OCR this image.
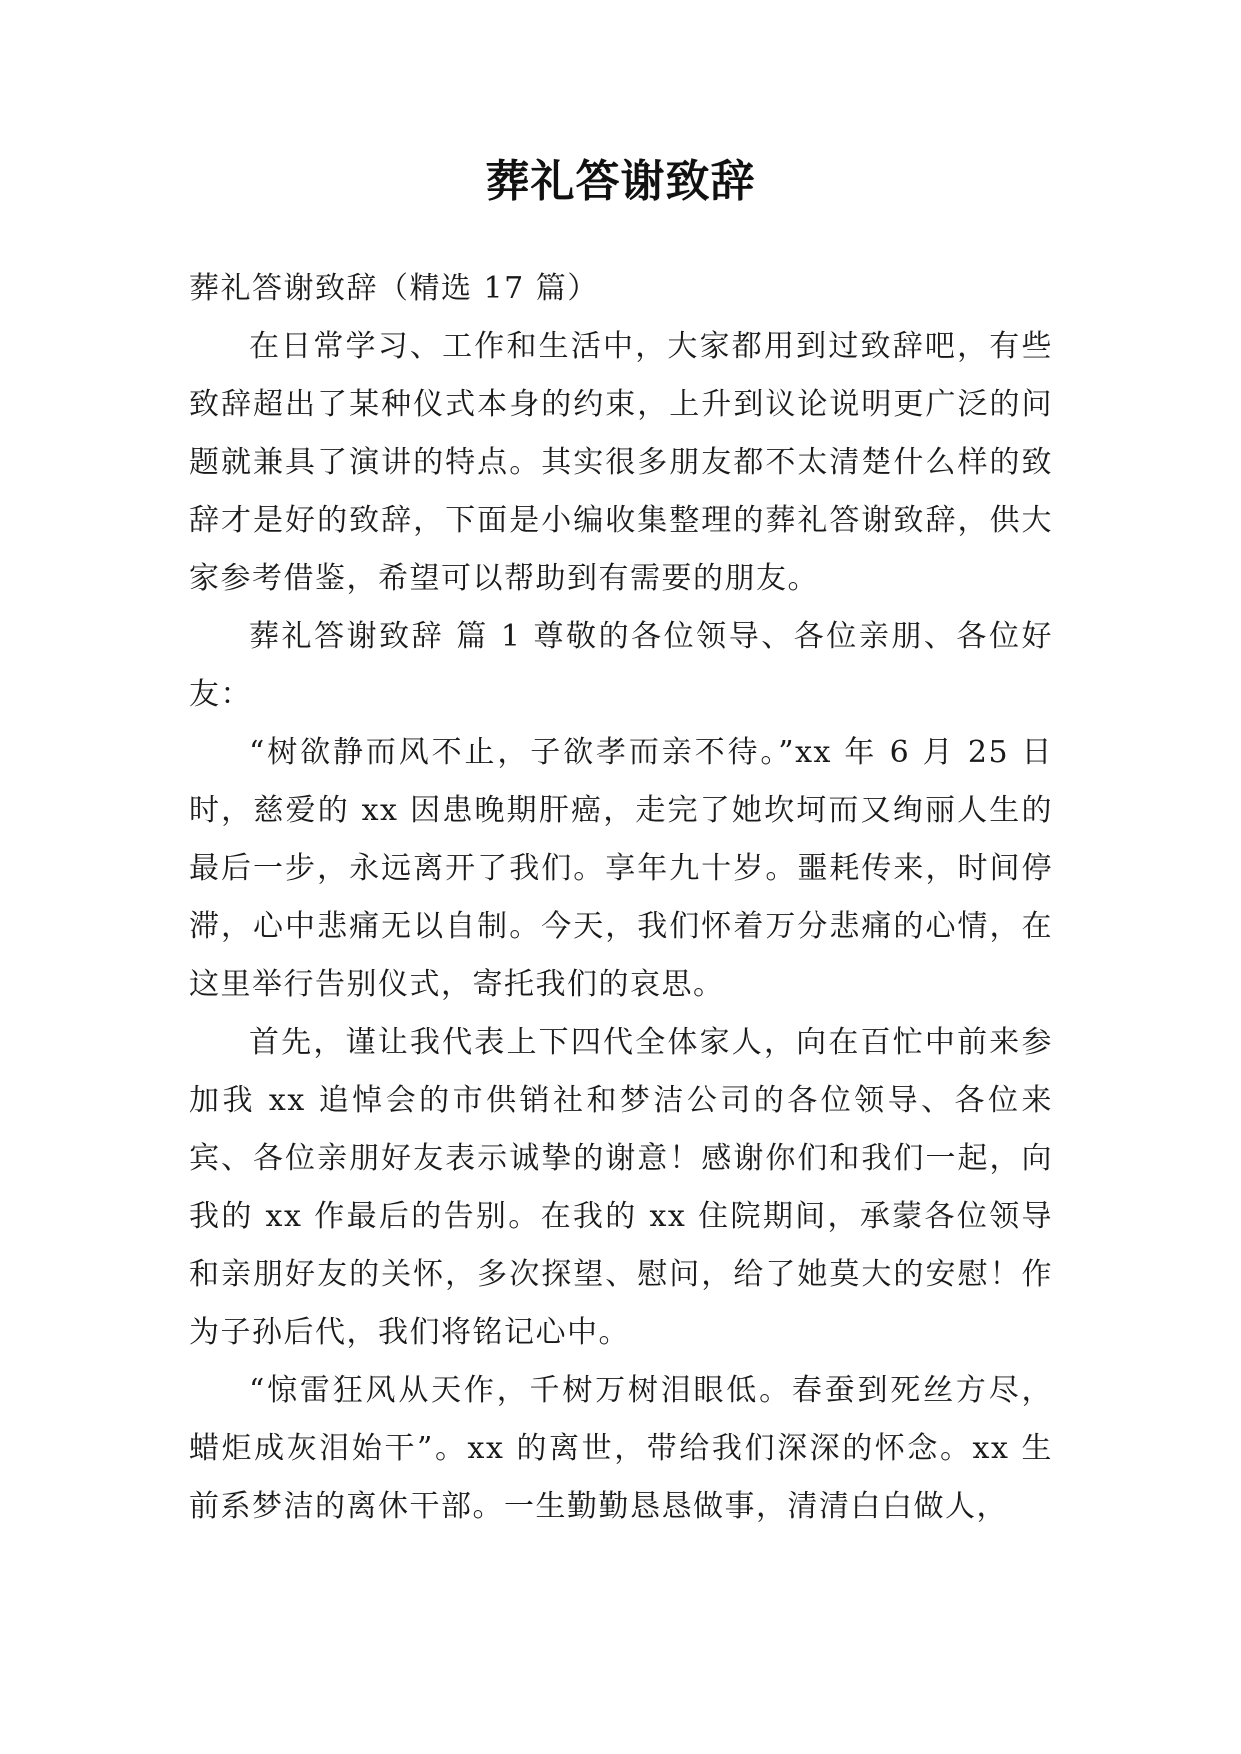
葬礼答谢致辞

葬礼答谢致辞（精选 17 篇）

在日常学习、工作和生活中，大家都用到过致辞吧，有些致辞超出了某种仪式本身的约束，上升到议论说明更广泛的问题就兼具了演讲的特点。其实很多朋友都不太清楚什么样的致辞才是好的致辞，下面是小编收集整理的葬礼答谢致辞，供大家参考借鉴，希望可以帮助到有需要的朋友。

葬礼答谢致辞 篇 1 尊敬的各位领导、各位亲朋、各位好友：

“树欲静而风不止，子欲孝而亲不待。”xx 年 6 月 25 日时，慈爱的 xx 因患晚期肝癌，走完了她坎坷而又绚丽人生的最后一步，永远离开了我们。享年九十岁。噩耗传来，时间停滞，心中悲痛无以自制。今天，我们怀着万分悲痛的心情，在这里举行告别仪式，寄托我们的哀思。

首先，谨让我代表上下四代全体家人，向在百忙中前来参加我 xx 追悼会的市供销社和梦洁公司的各位领导、各位来宾、各位亲朋好友表示诚挚的谢意！感谢你们和我们一起，向我的 xx 作最后的告别。在我的 xx 住院期间，承蒙各位领导和亲朋好友的关怀，多次探望、慰问，给了她莫大的安慰！作为子孙后代，我们将铭记心中。

“惊雷狂风从天作，千树万树泪眼低。春蚕到死丝方尽，蜡炬成灰泪始干”。xx 的离世，带给我们深深的怀念。xx 生前系梦洁的离休干部。一生勤勤恳恳做事，清清白白做人，
